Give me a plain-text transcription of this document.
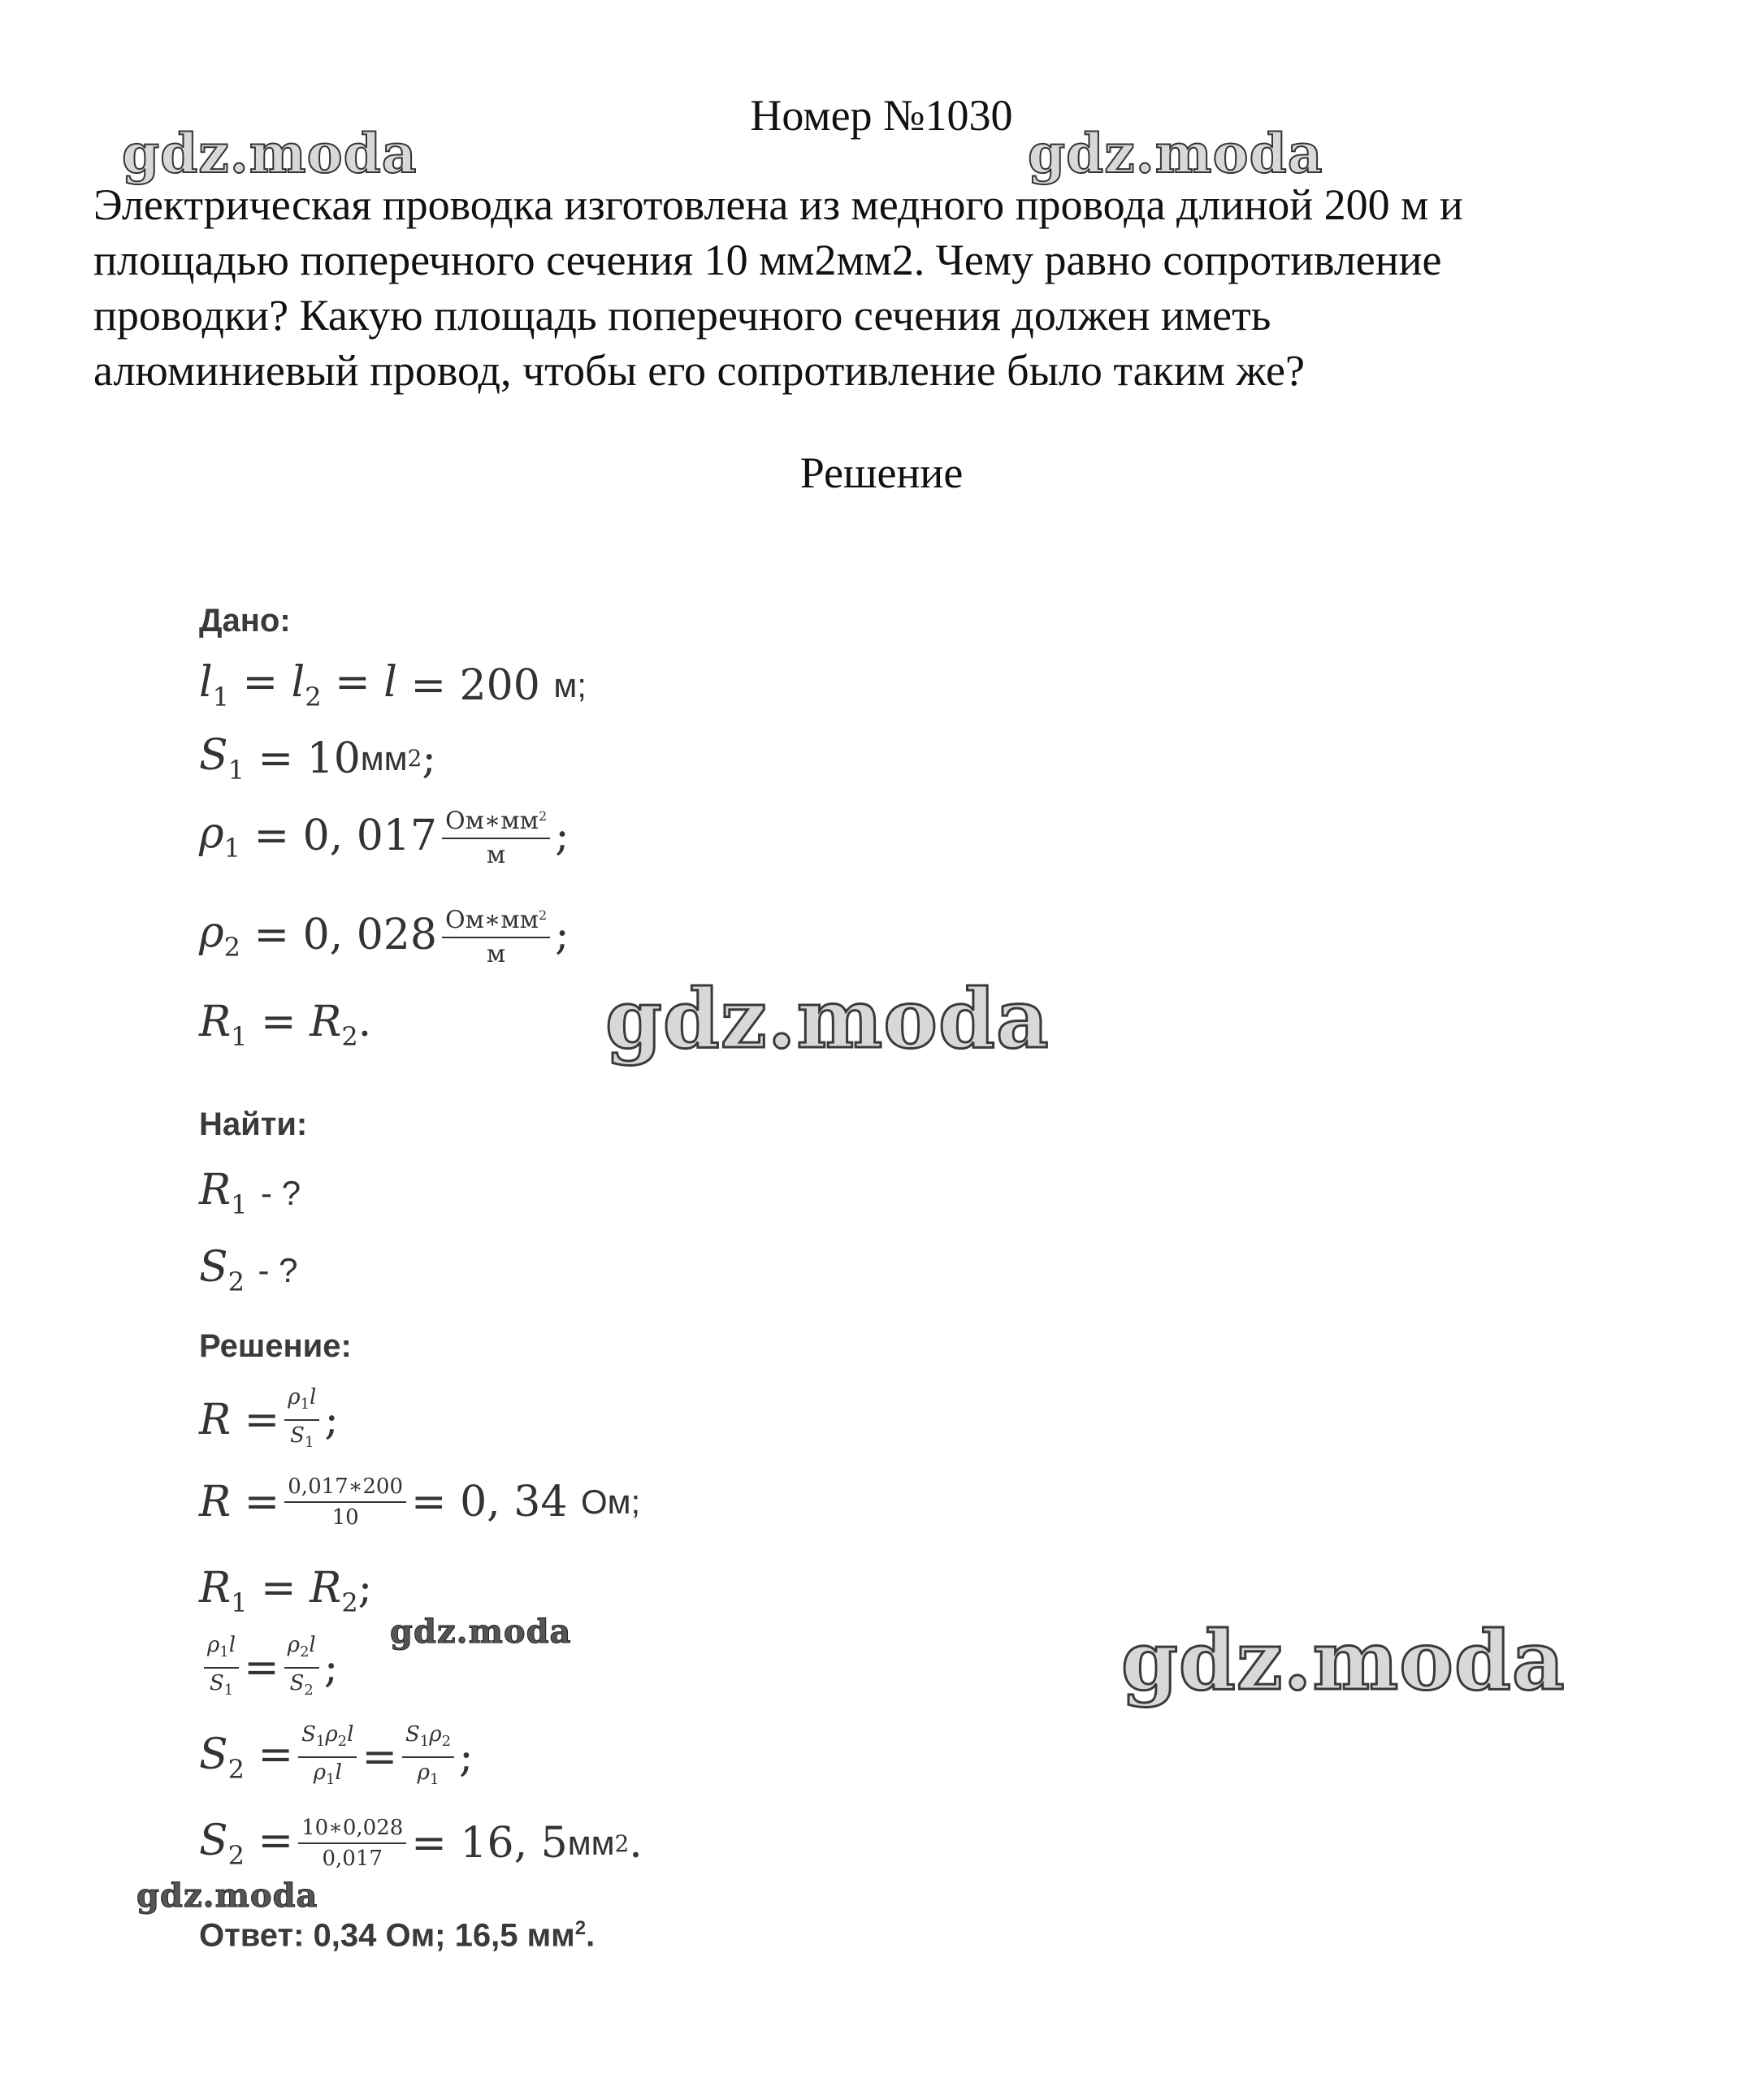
Номер №1030

Электрическая проводка изготовлена из медного провода длиной 200 м и

площадью поперечного сечения 10 мм2мм2. Чему равно сопротивление

проводки? Какую площадь поперечного сечения должен иметь

алюминиевый провод, чтобы его сопротивление было таким же?

Решение
Дано:
$l_1 = l_2 = l = 200$
м;
$S_1 = 10$ мм 2 ;
$\rho_1 = 0$, $017 \frac{Ом∗мм^2}{м}$ ;
$\rho_2 = 0$, $028 \frac{Ом∗мм^2}{м}$ ;
$R_1 = R_2$.
Найти:
$R_1$ - ?
$S_2$ - ?
Решение:
$R = \frac{\rho_1l}{S_1}$ ;
$R = \frac{0,017∗200}{10} = 0$, 34
Ом;
$R_1 = R_2$;
$\frac{\rho_1l}{S_1} = \frac{\rho_2l}{S_2}$ ;
$S_2 = \frac{S_1\rho_2l}{\rho_1l} = \frac{S_1\rho_2}{\rho_1}$ ;
$S_2 = \frac{10∗0,028}{0,017} = 16$, 5 мм 2 .
Ответ: 0,34 Ом; 16,5 $мм^2$.
gdz.moda	gdz.moda
gdz.moda
gdz.moda	gdz.moda
gdz.moda
